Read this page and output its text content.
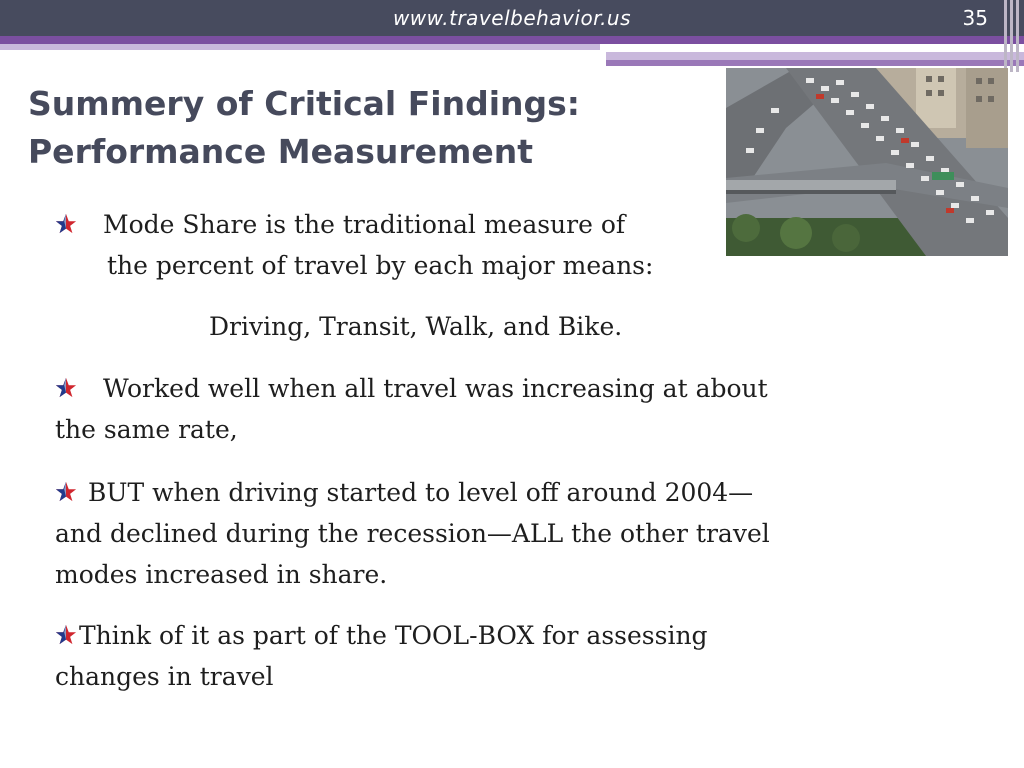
www.travelbehavior.us	35
Summery of Critical Findings:
Performance Measurement
Mode Share is the traditional measure of
the percent of travel by each major means:
Driving, Transit, Walk, and Bike.
Worked well when all travel was increasing at about
the same rate,
BUT when driving started to level off around 2004—
and declined during the recession—ALL the other travel
modes increased in share.
Think of it as part of the TOOL-BOX for assessing
changes in travel
